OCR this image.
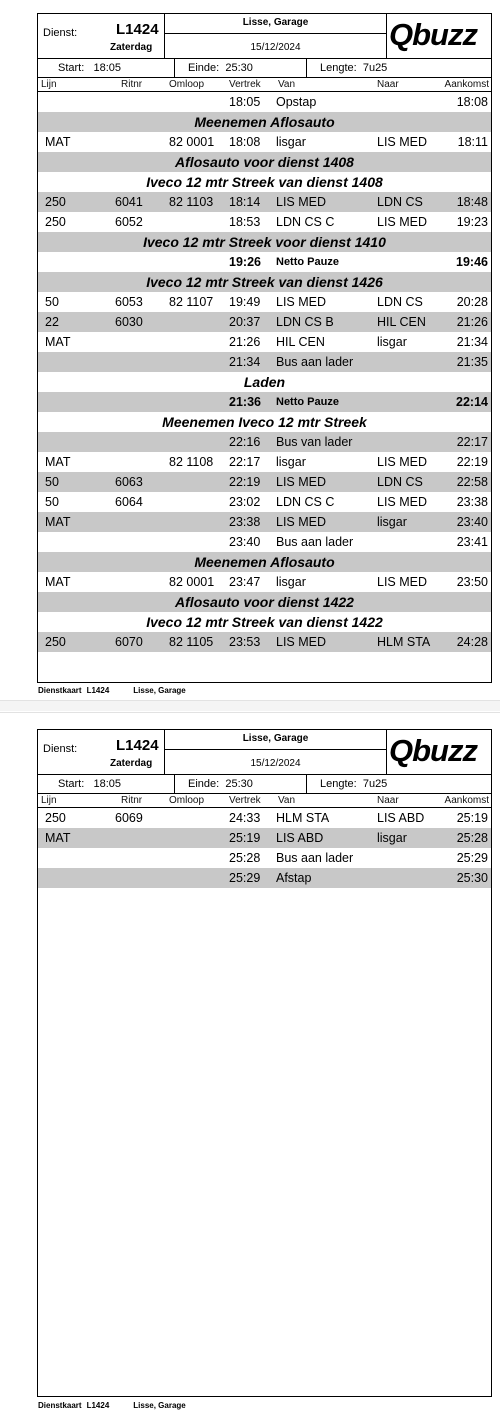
Dienst:	L1424
Zaterdag
Lisse, Garage
15/12/2024	Qbuzz
Start: 18:05	Einde: 25:30	Lengte: 7u25
Lijn	Ritnr	Omloop Vertrek Van	Naar	Aankomst
18:05 Opstap	18:08
Meenemen Aflosauto
MAT	82 0001 18:08 lisgar	LIS MED 18:11
Aflosauto voor dienst 1408
Iveco 12 mtr Streek van dienst 1408
250	6041 82 1103 18:14 LIS MED	LDN CS	18:48
250	6052	18:53 LDN CS C	LIS MED 19:23
Iveco 12 mtr Streek voor dienst 1410
19:26 Netto Pauze	19:46
Iveco 12 mtr Streek van dienst 1426
50	6053 82 1107 19:49 LIS MED	LDN CS	20:28
22	6030	20:37 LDN CS B	HIL CEN 21:26
MAT	21:26 HIL CEN	lisgar	21:34
21:34 Bus aan lader	21:35
Laden
21:36 Netto Pauze	22:14
Meenemen Iveco 12 mtr Streek
22:16 Bus van lader	22:17
MAT	82 1108 22:17 lisgar	LIS MED 22:19
50	6063	22:19 LIS MED	LDN CS	22:58
50	6064	23:02 LDN CS C	LIS MED 23:38
MAT	23:38 LIS MED	lisgar	23:40
23:40 Bus aan lader	23:41
Meenemen Aflosauto
MAT	82 0001 23:47 lisgar	LIS MED 23:50
Aflosauto voor dienst 1422
Iveco 12 mtr Streek van dienst 1422
250	6070 82 1105 23:53 LIS MED	HLM STA 24:28
Dienstkaart L1424	Lisse, Garage
Dienst:	L1424
Zaterdag
Lisse, Garage
15/12/2024	Qbuzz
Start: 18:05	Einde: 25:30	Lengte: 7u25
Lijn	Ritnr	Omloop Vertrek Van	Naar	Aankomst
250	6069	24:33 HLM STA	LIS ABD	25:19
MAT	25:19 LIS ABD	lisgar	25:28
25:28 Bus aan lader	25:29
25:29 Afstap	25:30
Dienstkaart L1424	Lisse, Garage
